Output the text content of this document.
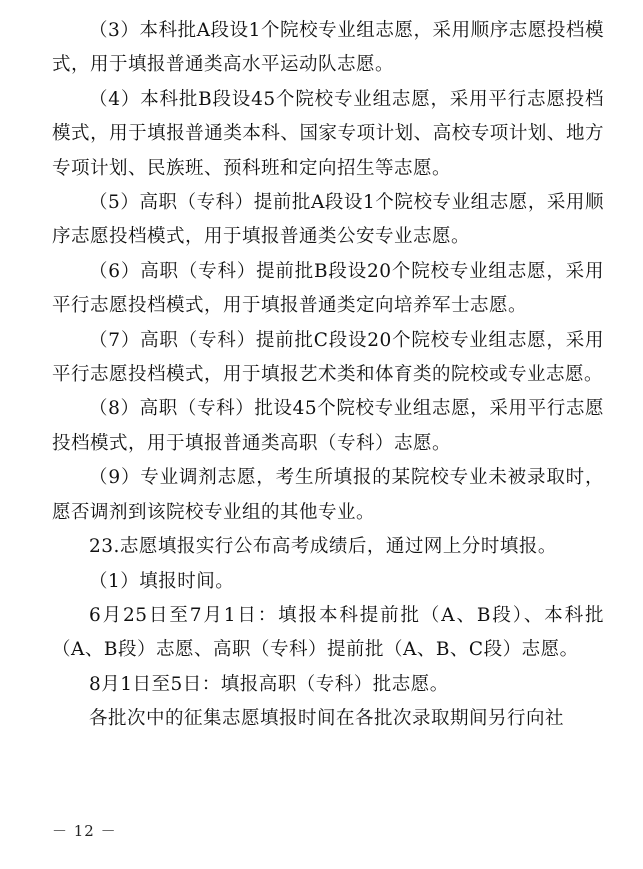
（3）本科批A段设1个院校专业组志愿，采用顺序志愿投档模式，用于填报普通类高水平运动队志愿。

（4）本科批B段设45个院校专业组志愿，采用平行志愿投档模式，用于填报普通类本科、国家专项计划、高校专项计划、地方专项计划、民族班、预科班和定向招生等志愿。

（5）高职（专科）提前批A段设1个院校专业组志愿，采用顺序志愿投档模式，用于填报普通类公安专业志愿。

（6）高职（专科）提前批B段设20个院校专业组志愿，采用平行志愿投档模式，用于填报普通类定向培养军士志愿。

（7）高职（专科）提前批C段设20个院校专业组志愿，采用平行志愿投档模式，用于填报艺术类和体育类的院校或专业志愿。

（8）高职（专科）批设45个院校专业组志愿，采用平行志愿投档模式，用于填报普通类高职（专科）志愿。

（9）专业调剂志愿，考生所填报的某院校专业未被录取时，愿否调剂到该院校专业组的其他专业。

23.志愿填报实行公布高考成绩后，通过网上分时填报。

（1）填报时间。

6月25日至7月1日：填报本科提前批（A、B段）、本科批（A、B段）志愿、高职（专科）提前批（A、B、C段）志愿。

8月1日至5日：填报高职（专科）批志愿。

各批次中的征集志愿填报时间在各批次录取期间另行向社

－ 12 －
